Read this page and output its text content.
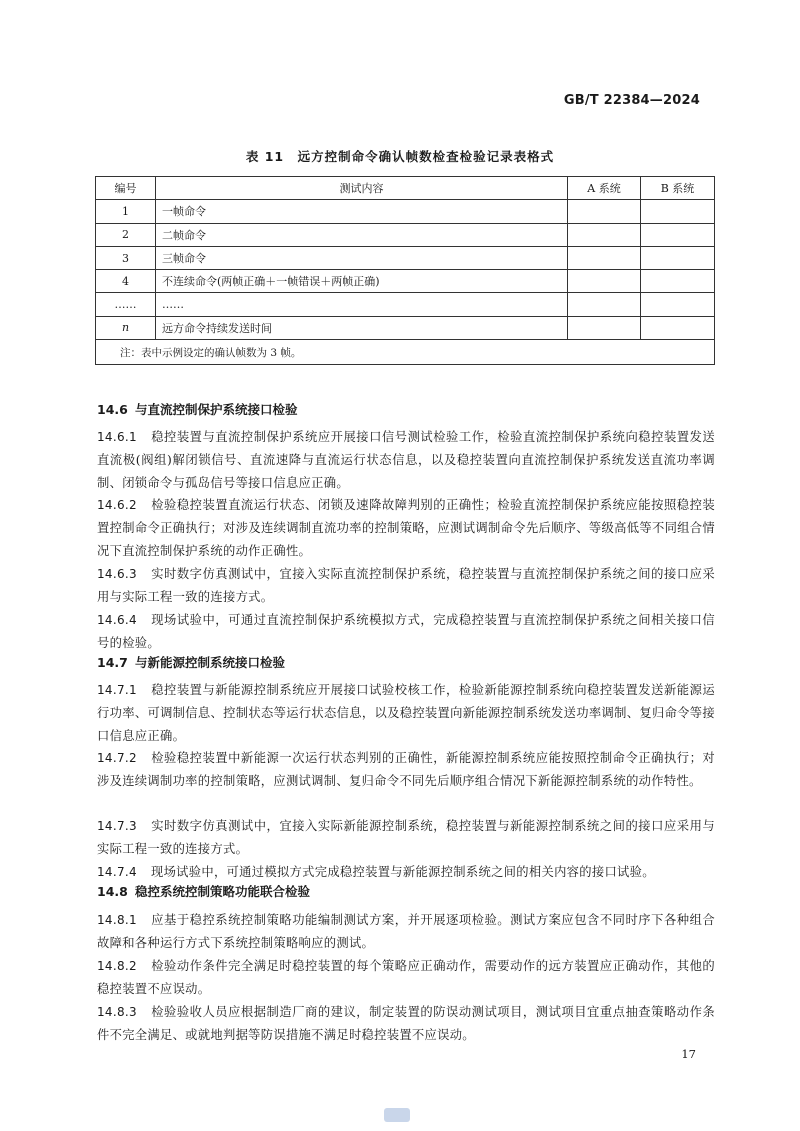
GB/T 22384—2024
表 11　远方控制命令确认帧数检查检验记录表格式
编号	测试内容	A 系统	B 系统
1	一帧命令		
2	二帧命令		
3	三帧命令		
4	不连续命令(两帧正确＋一帧错误＋两帧正确)		
……	……		
n	远方命令持续发送时间		
注：表中示例设定的确认帧数为 3 帧。			
14.6 与直流控制保护系统接口检验
14.6.1 稳控装置与直流控制保护系统应开展接口信号测试检验工作，检验直流控制保护系统向稳控装置发送直流极(阀组)解闭锁信号、直流速降与直流运行状态信息，以及稳控装置向直流控制保护系统发送直流功率调制、闭锁命令与孤岛信号等接口信息应正确。
14.6.2 检验稳控装置直流运行状态、闭锁及速降故障判别的正确性；检验直流控制保护系统应能按照稳控装置控制命令正确执行；对涉及连续调制直流功率的控制策略，应测试调制命令先后顺序、等级高低等不同组合情况下直流控制保护系统的动作正确性。
14.6.3 实时数字仿真测试中，宜接入实际直流控制保护系统，稳控装置与直流控制保护系统之间的接口应采用与实际工程一致的连接方式。
14.6.4 现场试验中，可通过直流控制保护系统模拟方式，完成稳控装置与直流控制保护系统之间相关接口信号的检验。
14.7 与新能源控制系统接口检验
14.7.1 稳控装置与新能源控制系统应开展接口试验校核工作，检验新能源控制系统向稳控装置发送新能源运行功率、可调制信息、控制状态等运行状态信息，以及稳控装置向新能源控制系统发送功率调制、复归命令等接口信息应正确。
14.7.2 检验稳控装置中新能源一次运行状态判别的正确性，新能源控制系统应能按照控制命令正确执行；对涉及连续调制功率的控制策略，应测试调制、复归命令不同先后顺序组合情况下新能源控制系统的动作特性。
14.7.3 实时数字仿真测试中，宜接入实际新能源控制系统，稳控装置与新能源控制系统之间的接口应采用与实际工程一致的连接方式。
14.7.4 现场试验中，可通过模拟方式完成稳控装置与新能源控制系统之间的相关内容的接口试验。
14.8 稳控系统控制策略功能联合检验
14.8.1 应基于稳控系统控制策略功能编制测试方案，并开展逐项检验。测试方案应包含不同时序下各种组合故障和各种运行方式下系统控制策略响应的测试。
14.8.2 检验动作条件完全满足时稳控装置的每个策略应正确动作，需要动作的远方装置应正确动作，其他的稳控装置不应误动。
14.8.3 检验验收人员应根据制造厂商的建议，制定装置的防误动测试项目，测试项目宜重点抽查策略动作条件不完全满足、或就地判据等防误措施不满足时稳控装置不应误动。
17
